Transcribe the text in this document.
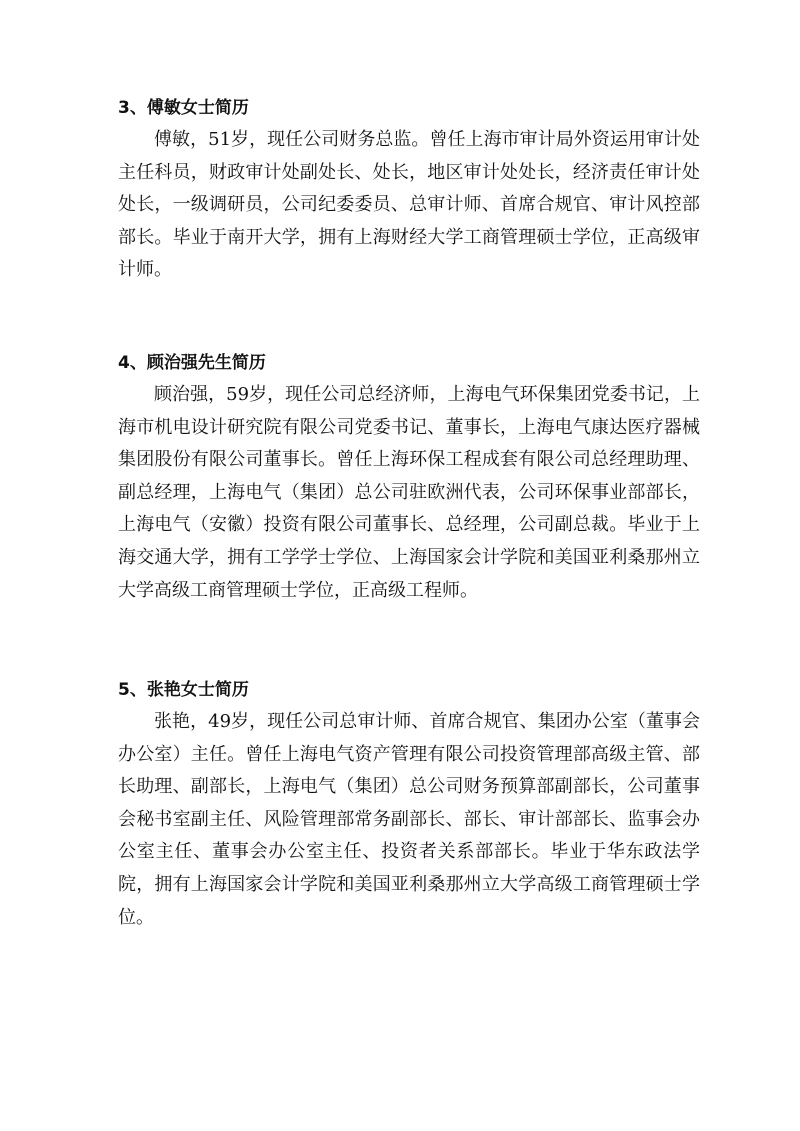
3、傅敏女士简历

傅敏，51岁，现任公司财务总监。曾任上海市审计局外资运用审计处主任科员，财政审计处副处长、处长，地区审计处处长，经济责任审计处处长，一级调研员，公司纪委委员、总审计师、首席合规官、审计风控部部长。毕业于南开大学，拥有上海财经大学工商管理硕士学位，正高级审计师。

4、顾治强先生简历

顾治强，59岁，现任公司总经济师，上海电气环保集团党委书记，上海市机电设计研究院有限公司党委书记、董事长，上海电气康达医疗器械集团股份有限公司董事长。曾任上海环保工程成套有限公司总经理助理、副总经理，上海电气（集团）总公司驻欧洲代表，公司环保事业部部长，上海电气（安徽）投资有限公司董事长、总经理，公司副总裁。毕业于上海交通大学，拥有工学学士学位、上海国家会计学院和美国亚利桑那州立大学高级工商管理硕士学位，正高级工程师。

5、张艳女士简历

张艳，49岁，现任公司总审计师、首席合规官、集团办公室（董事会办公室）主任。曾任上海电气资产管理有限公司投资管理部高级主管、部长助理、副部长，上海电气（集团）总公司财务预算部副部长，公司董事会秘书室副主任、风险管理部常务副部长、部长、审计部部长、监事会办公室主任、董事会办公室主任、投资者关系部部长。毕业于华东政法学院，拥有上海国家会计学院和美国亚利桑那州立大学高级工商管理硕士学位。
